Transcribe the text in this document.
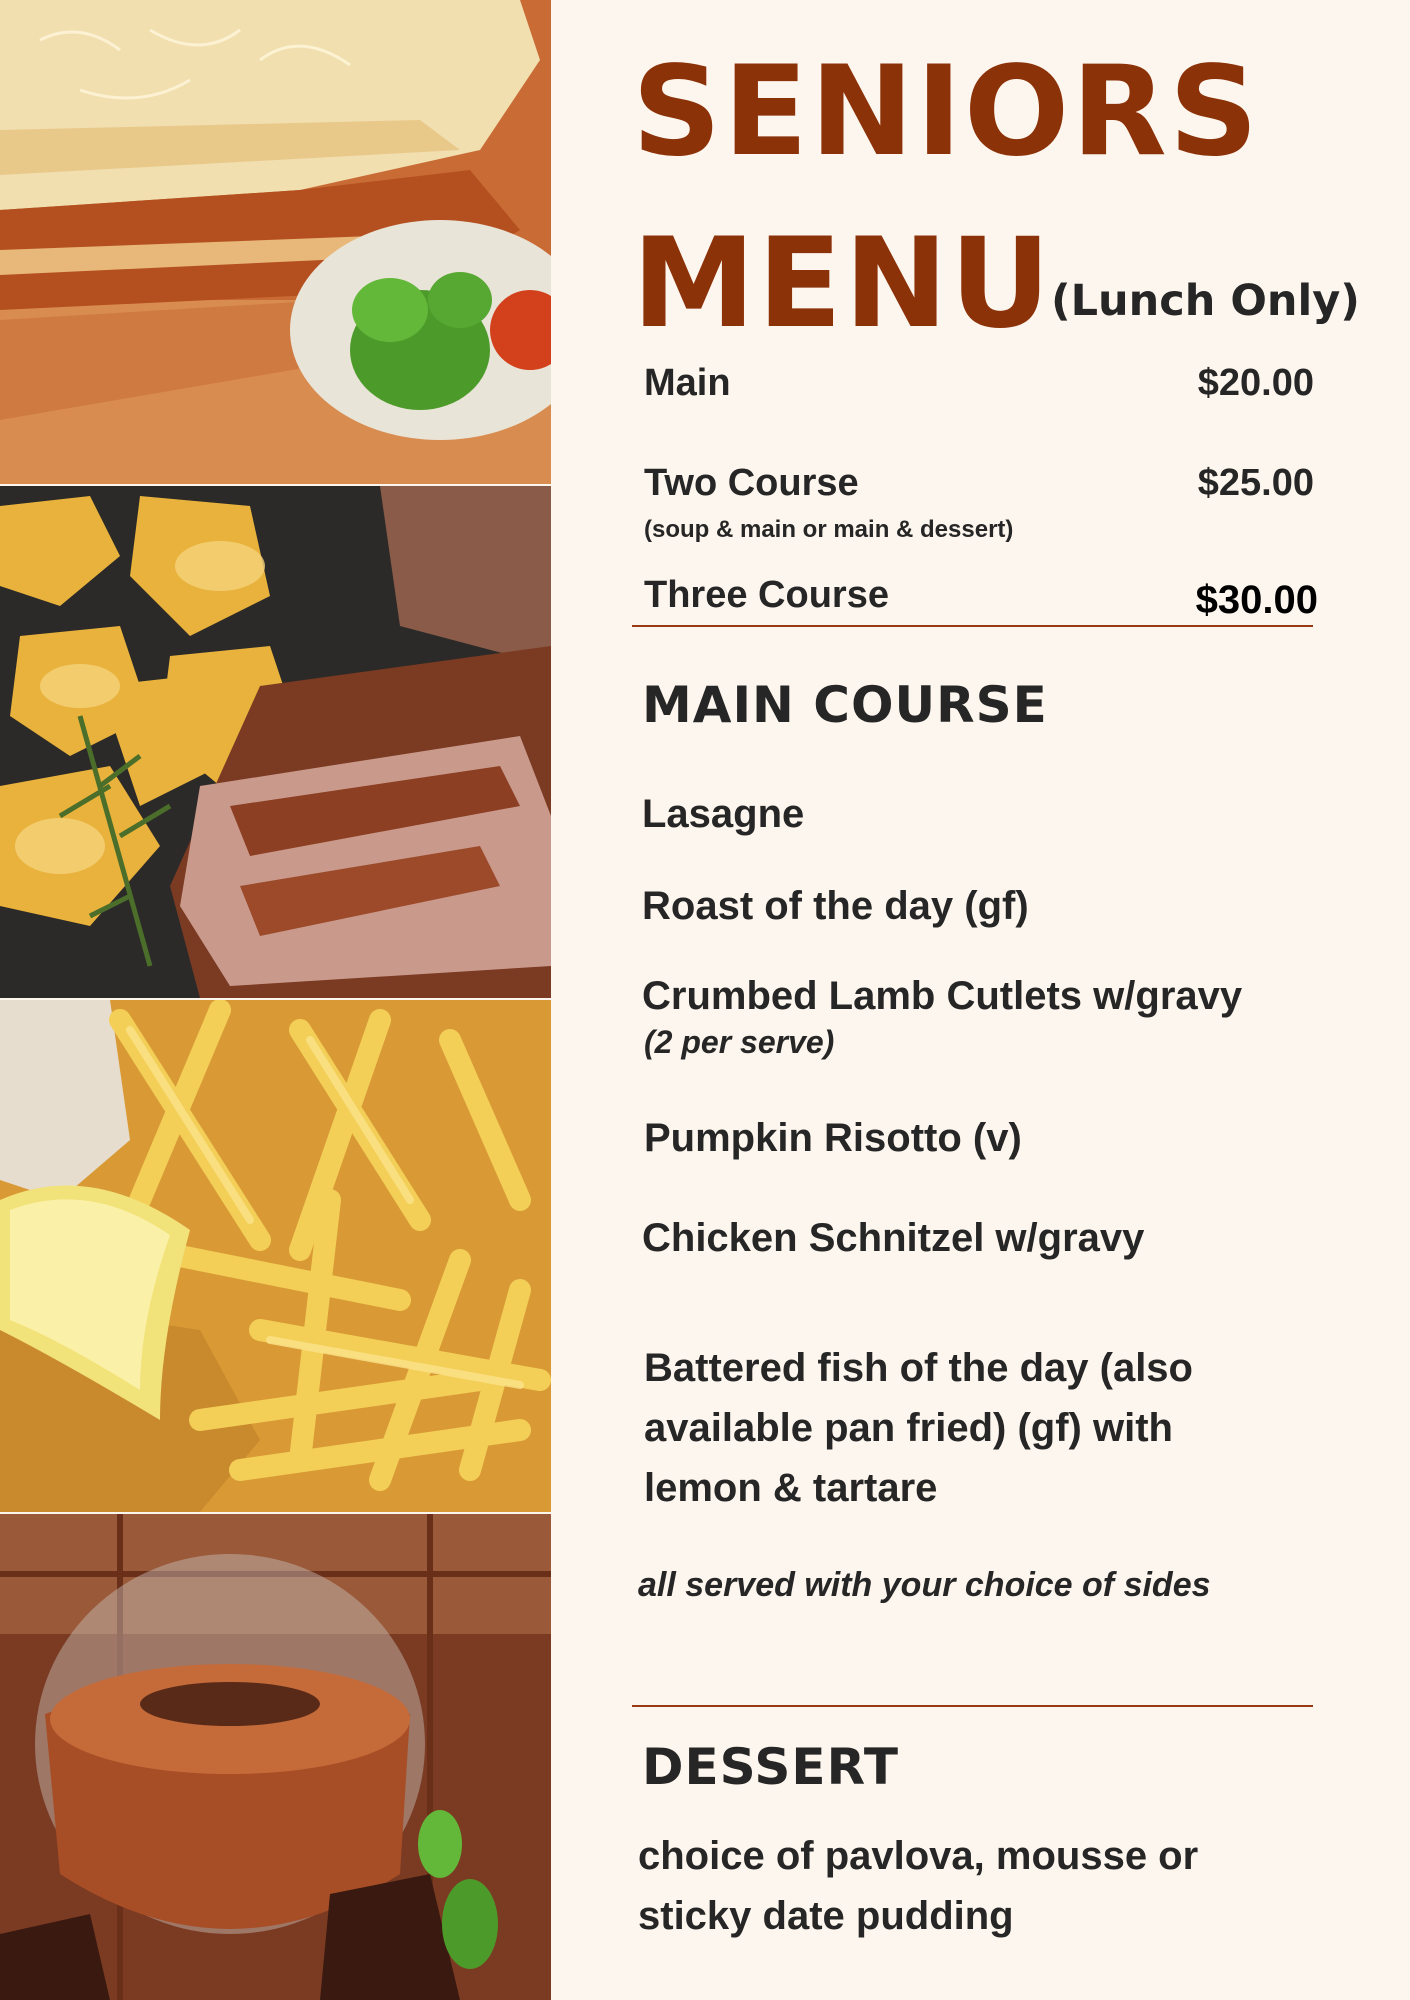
SENIORS
MENU
(Lunch Only)
Main	$20.00
Two Course	$25.00
(soup & main or main & dessert)
Three Course	$30.00
MAIN COURSE
Lasagne
Roast of the day (gf)
Crumbed Lamb Cutlets w/gravy
(2 per serve)
Pumpkin Risotto (v)
Chicken Schnitzel w/gravy
Battered fish of the day (also
available pan fried) (gf) with
lemon & tartare
all served with your choice of sides
DESSERT
choice of pavlova, mousse or
sticky date pudding
